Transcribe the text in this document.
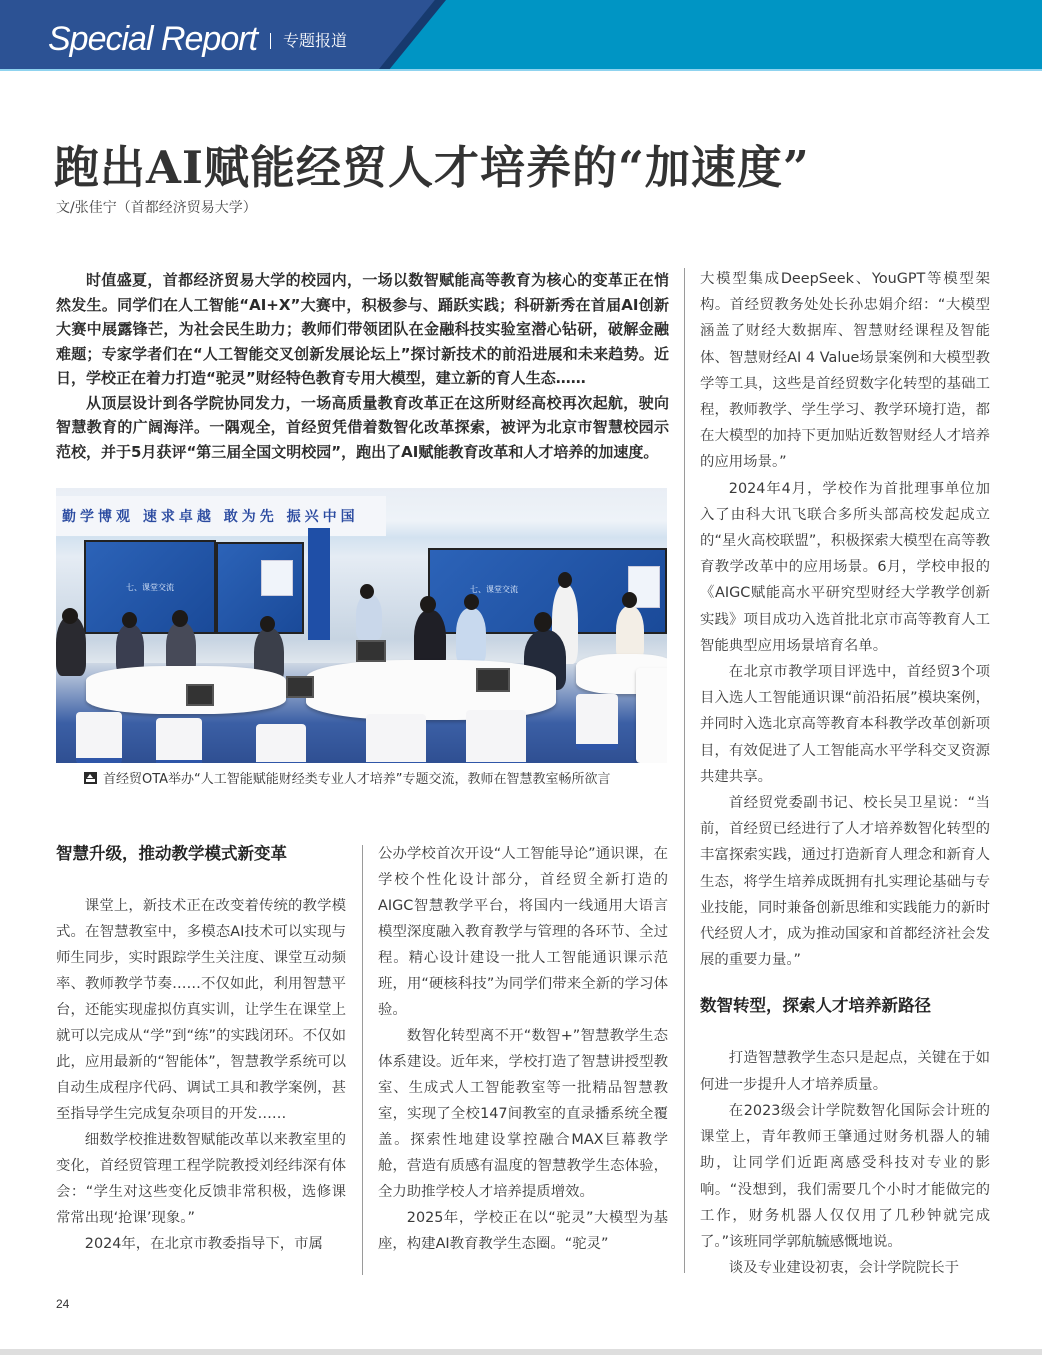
Special Report 专题报道
跑出AI赋能经贸人才培养的“加速度”
文/张佳宁（首都经济贸易大学）

时值盛夏，首都经济贸易大学的校园内，一场以数智赋能高等教育为核心的变革正在悄然发生。同学们在人工智能“AI+X”大赛中，积极参与、踊跃实践；科研新秀在首届AI创新大赛中展露锋芒，为社会民生助力；教师们带领团队在金融科技实验室潜心钻研，破解金融难题；专家学者们在“人工智能交叉创新发展论坛上”探讨新技术的前沿进展和未来趋势。近日，学校正在着力打造“驼灵”财经特色教育专用大模型，建立新的育人生态……

从顶层设计到各学院协同发力，一场高质量教育改革正在这所财经高校再次起航，驶向智慧教育的广阔海洋。一隅观全，首经贸凭借着数智化改革探索，被评为北京市智慧校园示范校，并于5月获评“第三届全国文明校园”，跑出了AI赋能教育改革和人才培养的加速度。

勤学博观 速求卓越 敢为先 振兴中国
七、课堂交流	七、课堂交流
首经贸OTA举办“人工智能赋能财经类专业人才培养”专题交流，教师在智慧教室畅所欲言
智慧升级，推动教学模式新变革

课堂上，新技术正在改变着传统的教学模式。在智慧教室中，多模态AI技术可以实现与师生同步，实时跟踪学生关注度、课堂互动频率、教师教学节奏……不仅如此，利用智慧平台，还能实现虚拟仿真实训，让学生在课堂上就可以完成从“学”到“练”的实践闭环。不仅如此，应用最新的“智能体”，智慧教学系统可以自动生成程序代码、调试工具和教学案例，甚至指导学生完成复杂项目的开发……

细数学校推进数智赋能改革以来教室里的变化，首经贸管理工程学院教授刘经纬深有体会：“学生对这些变化反馈非常积极，选修课常常出现‘抢课’现象。”

2024年，在北京市教委指导下，市属

公办学校首次开设“人工智能导论”通识课，在学校个性化设计部分，首经贸全新打造的AIGC智慧教学平台，将国内一线通用大语言模型深度融入教育教学与管理的各环节、全过程。精心设计建设一批人工智能通识课示范班，用“硬核科技”为同学们带来全新的学习体验。

数智化转型离不开“数智+”智慧教学生态体系建设。近年来，学校打造了智慧讲授型教室、生成式人工智能教室等一批精品智慧教室，实现了全校147间教室的直录播系统全覆盖。探索性地建设掌控融合MAX巨幕教学舱，营造有质感有温度的智慧教学生态体验，全力助推学校人才培养提质增效。

2025年，学校正在以“驼灵”大模型为基座，构建AI教育教学生态圈。“驼灵”

大模型集成DeepSeek、YouGPT等模型架构。首经贸教务处处长孙忠娟介绍：“大模型涵盖了财经大数据库、智慧财经课程及智能体、智慧财经AI 4 Value场景案例和大模型教学等工具，这些是首经贸数字化转型的基础工程，教师教学、学生学习、教学环境打造，都在大模型的加持下更加贴近数智财经人才培养的应用场景。”

2024年4月，学校作为首批理事单位加入了由科大讯飞联合多所头部高校发起成立的“星火高校联盟”，积极探索大模型在高等教育教学改革中的应用场景。6月，学校申报的《AIGC赋能高水平研究型财经大学教学创新实践》项目成功入选首批北京市高等教育人工智能典型应用场景培育名单。

在北京市教学项目评选中，首经贸3个项目入选人工智能通识课“前沿拓展”模块案例，并同时入选北京高等教育本科教学改革创新项目，有效促进了人工智能高水平学科交叉资源共建共享。

首经贸党委副书记、校长吴卫星说：“当前，首经贸已经进行了人才培养数智化转型的丰富探索实践，通过打造新育人理念和新育人生态，将学生培养成既拥有扎实理论基础与专业技能，同时兼备创新思维和实践能力的新时代经贸人才，成为推动国家和首都经济社会发展的重要力量。”

数智转型，探索人才培养新路径

打造智慧教学生态只是起点，关键在于如何进一步提升人才培养质量。

在2023级会计学院数智化国际会计班的课堂上，青年教师王肇通过财务机器人的辅助，让同学们近距离感受科技对专业的影响。“没想到，我们需要几个小时才能做完的工作，财务机器人仅仅用了几秒钟就完成了。”该班同学郭航毓感慨地说。

谈及专业建设初衷，会计学院院长于

24
